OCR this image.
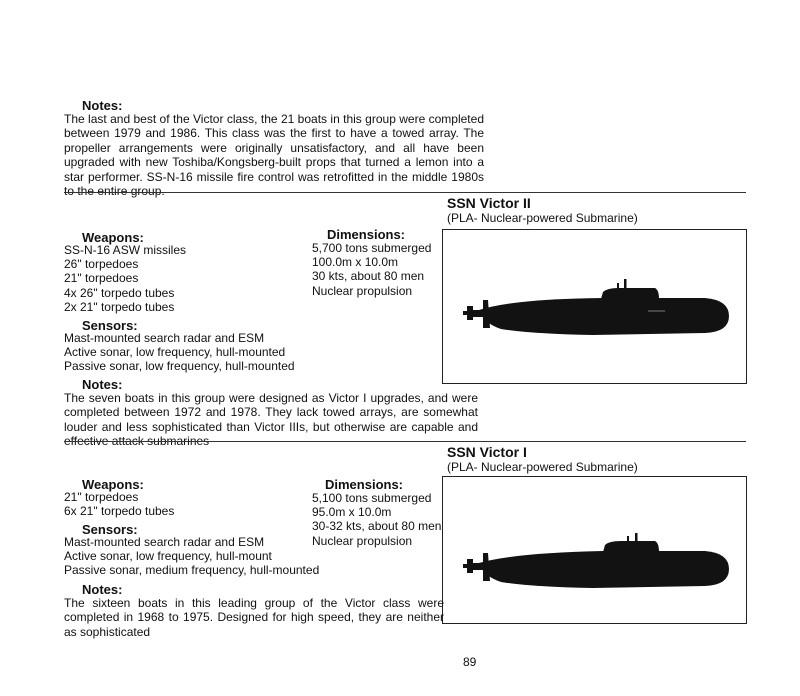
Notes:
The last and best of the Victor class, the 21 boats in this group were completed between 1979 and 1986. This class was the first to have a towed array. The propeller arrangements were originally unsatisfactory, and all have been upgraded with new Toshiba/Kongsberg-built props that turned a lemon into a star performer. SS-N-16 missile fire control was retrofitted in the middle 1980s to the entire group.
SSN Victor II
(PLA- Nuclear-powered Submarine)
Weapons:

SS-N-16 ASW missiles

26" torpedoes

21" torpedoes

4x 26" torpedo tubes

2x 21" torpedo tubes

Dimensions:

5,700 tons submerged

100.0m x 10.0m

30 kts, about 80 men

Nuclear propulsion

Sensors:

Mast-mounted search radar and ESM

Active sonar, low frequency, hull-mounted

Passive sonar, low frequency, hull-mounted

Notes:
The seven boats in this group were designed as Victor I upgrades, and were completed between 1972 and 1978. They lack towed arrays, are somewhat louder and less sophisticated than Victor IIIs, but otherwise are capable and effective attack submarines
SSN Victor I
(PLA- Nuclear-powered Submarine)
Weapons:

21" torpedoes

6x 21" torpedo tubes

Dimensions:

5,100 tons submerged

95.0m x 10.0m

30-32 kts, about 80 men

Nuclear propulsion

Sensors:

Mast-mounted search radar and ESM

Active sonar, low frequency, hull-mount

Passive sonar, medium frequency, hull-mounted

Notes:
The sixteen boats in this leading group of the Victor class were completed in 1968 to 1975. Designed for high speed, they are neither as sophisticated
89
